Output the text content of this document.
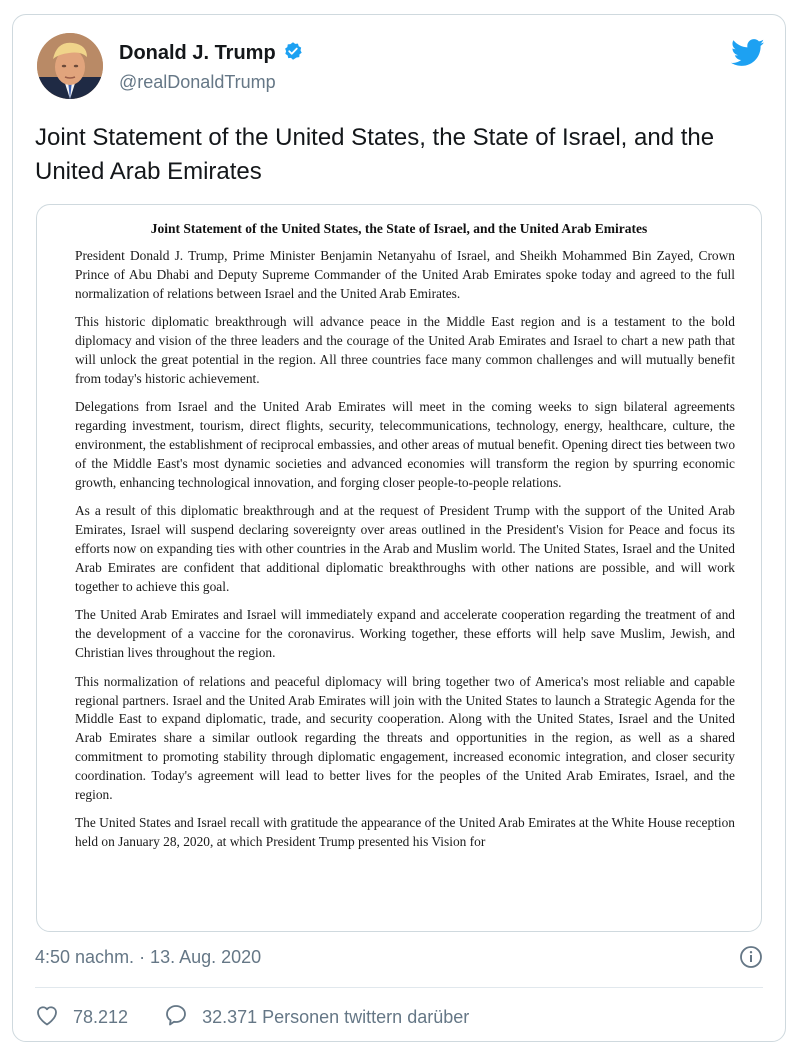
Donald J. Trump
@realDonaldTrump
Joint Statement of the United States, the State of Israel, and the United Arab Emirates
Joint Statement of the United States, the State of Israel, and the United Arab Emirates

President Donald J. Trump, Prime Minister Benjamin Netanyahu of Israel, and Sheikh Mohammed Bin Zayed, Crown Prince of Abu Dhabi and Deputy Supreme Commander of the United Arab Emirates spoke today and agreed to the full normalization of relations between Israel and the United Arab Emirates.

This historic diplomatic breakthrough will advance peace in the Middle East region and is a testament to the bold diplomacy and vision of the three leaders and the courage of the United Arab Emirates and Israel to chart a new path that will unlock the great potential in the region. All three countries face many common challenges and will mutually benefit from today's historic achievement.

Delegations from Israel and the United Arab Emirates will meet in the coming weeks to sign bilateral agreements regarding investment, tourism, direct flights, security, telecommunications, technology, energy, healthcare, culture, the environment, the establishment of reciprocal embassies, and other areas of mutual benefit. Opening direct ties between two of the Middle East's most dynamic societies and advanced economies will transform the region by spurring economic growth, enhancing technological innovation, and forging closer people-to-people relations.

As a result of this diplomatic breakthrough and at the request of President Trump with the support of the United Arab Emirates, Israel will suspend declaring sovereignty over areas outlined in the President's Vision for Peace and focus its efforts now on expanding ties with other countries in the Arab and Muslim world. The United States, Israel and the United Arab Emirates are confident that additional diplomatic breakthroughs with other nations are possible, and will work together to achieve this goal.

The United Arab Emirates and Israel will immediately expand and accelerate cooperation regarding the treatment of and the development of a vaccine for the coronavirus. Working together, these efforts will help save Muslim, Jewish, and Christian lives throughout the region.

This normalization of relations and peaceful diplomacy will bring together two of America's most reliable and capable regional partners. Israel and the United Arab Emirates will join with the United States to launch a Strategic Agenda for the Middle East to expand diplomatic, trade, and security cooperation. Along with the United States, Israel and the United Arab Emirates share a similar outlook regarding the threats and opportunities in the region, as well as a shared commitment to promoting stability through diplomatic engagement, increased economic integration, and closer security coordination. Today's agreement will lead to better lives for the peoples of the United Arab Emirates, Israel, and the region.

The United States and Israel recall with gratitude the appearance of the United Arab Emirates at the White House reception held on January 28, 2020, at which President Trump presented his Vision for

4:50 nachm. · 13. Aug. 2020
78.212	32.371 Personen twittern darüber
